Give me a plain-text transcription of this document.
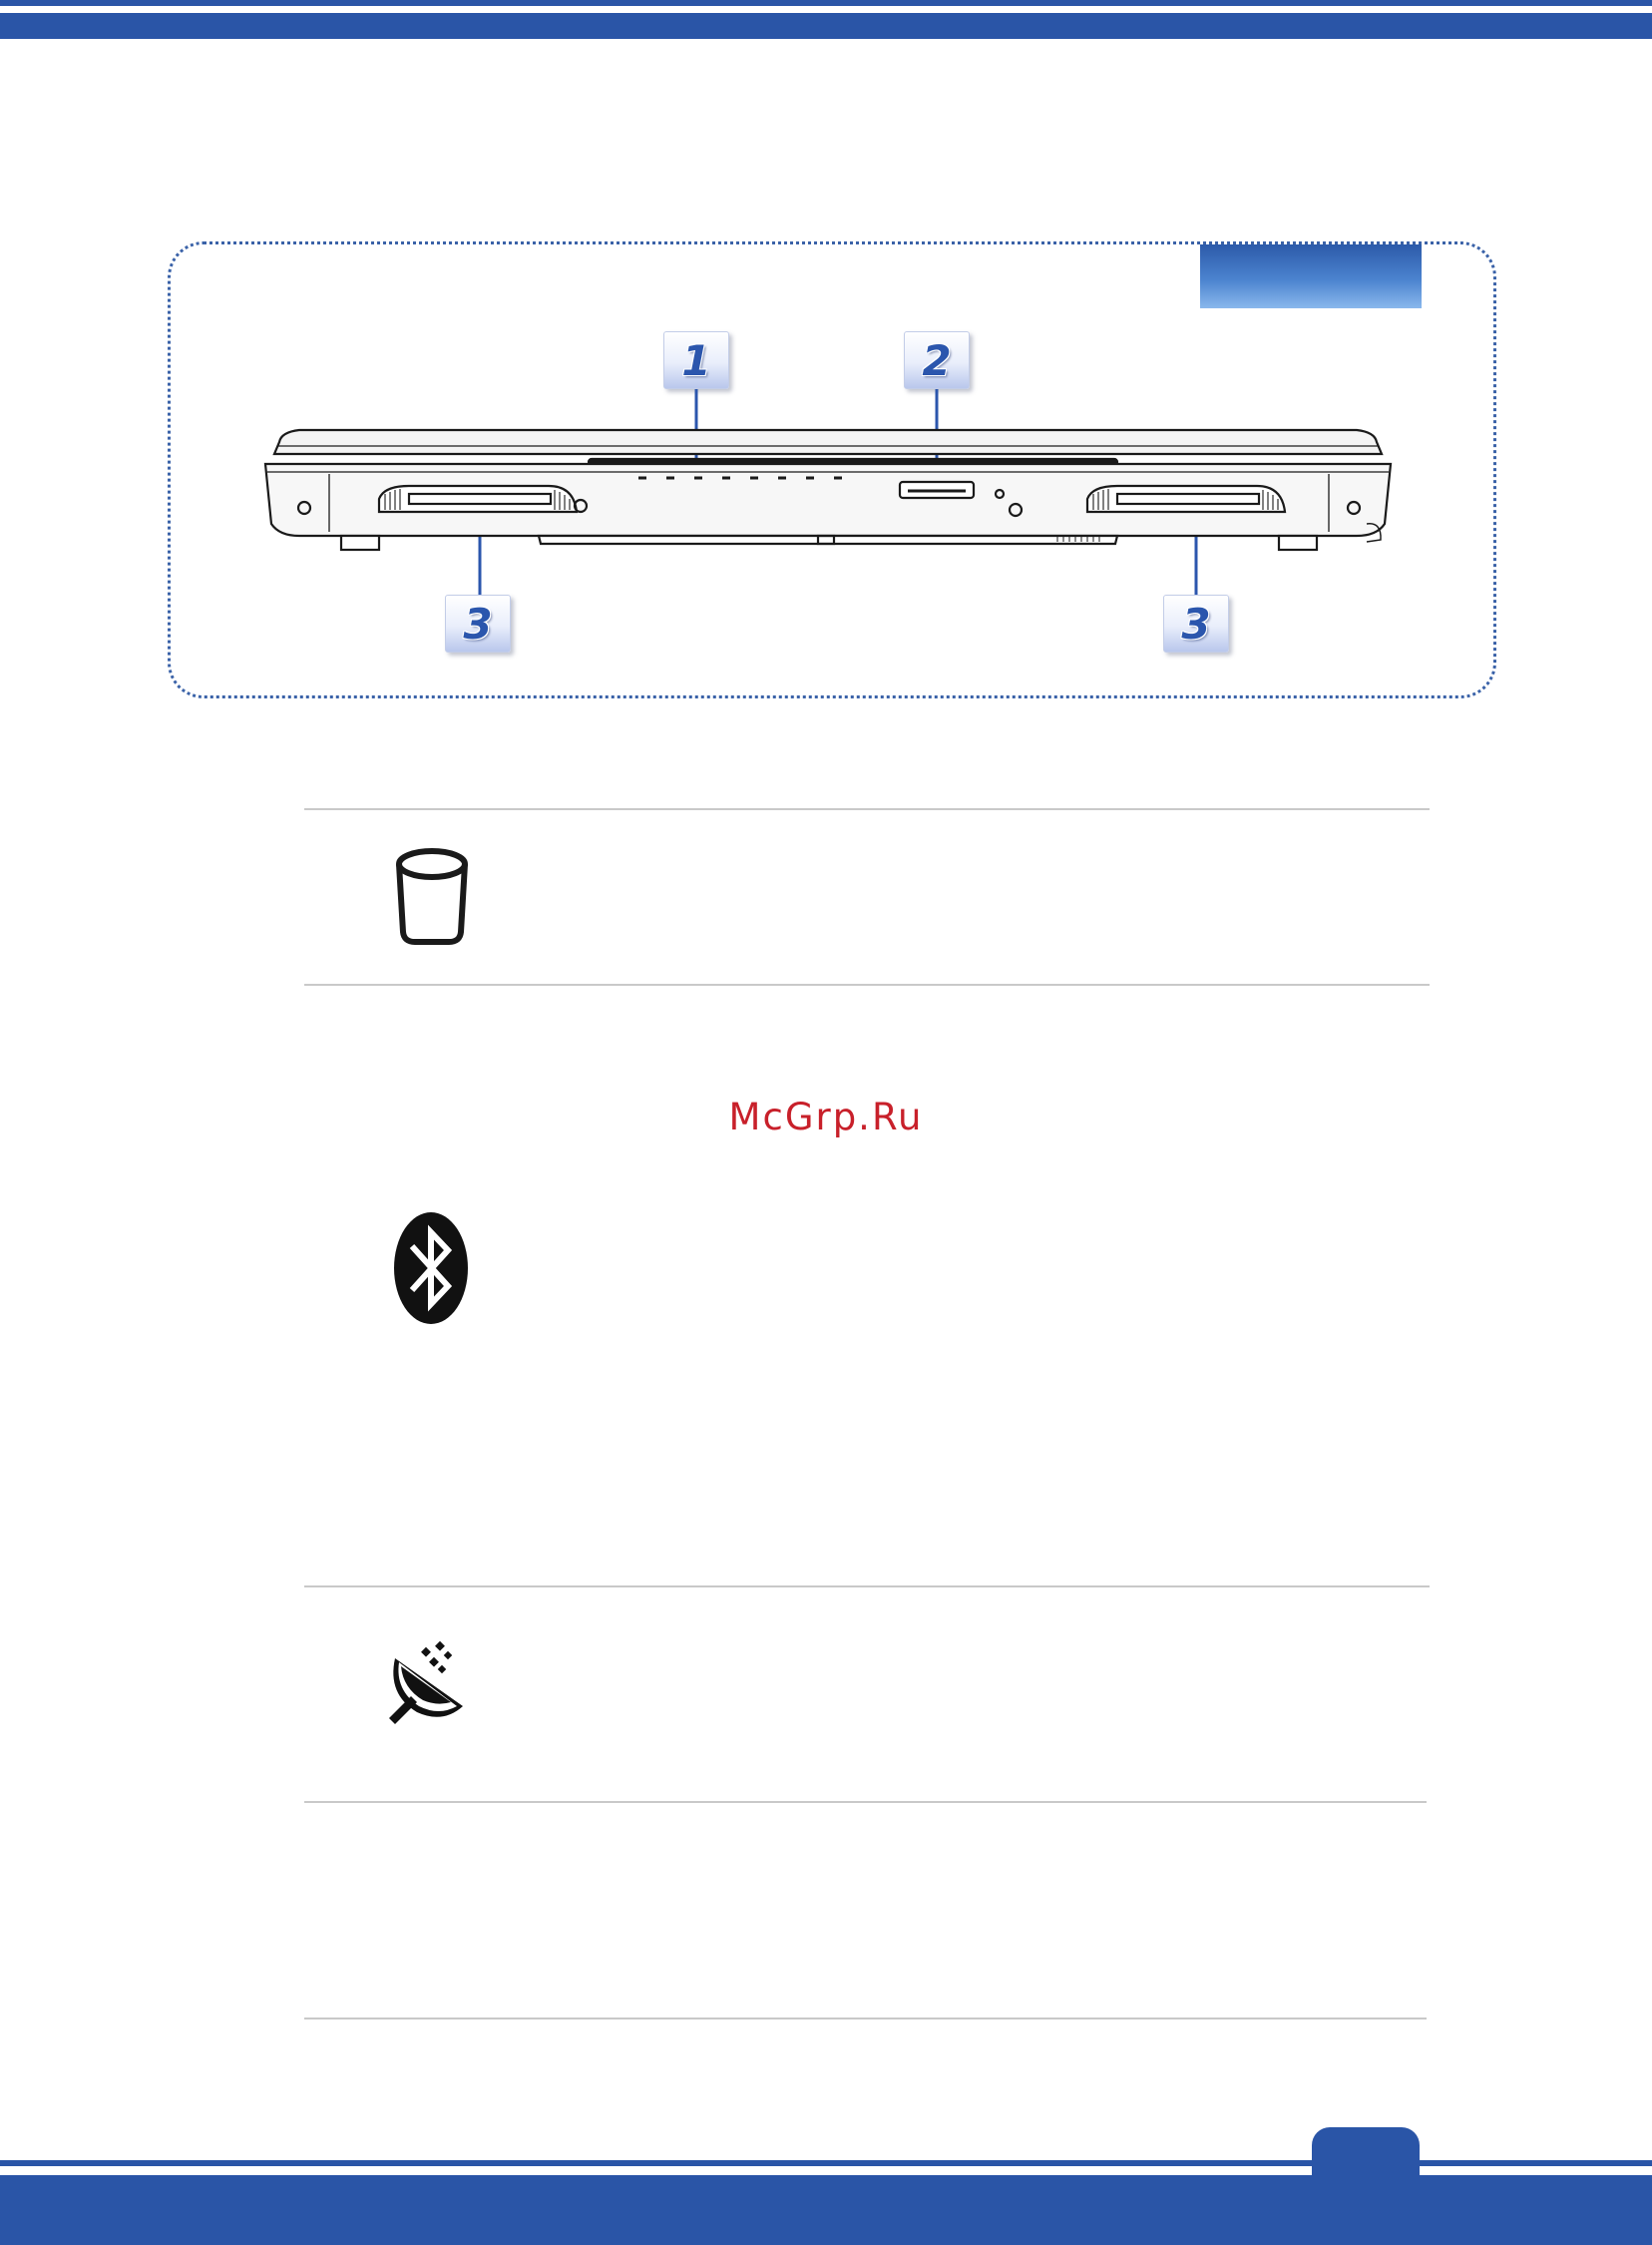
1	2
3	3
McGrp.Ru
